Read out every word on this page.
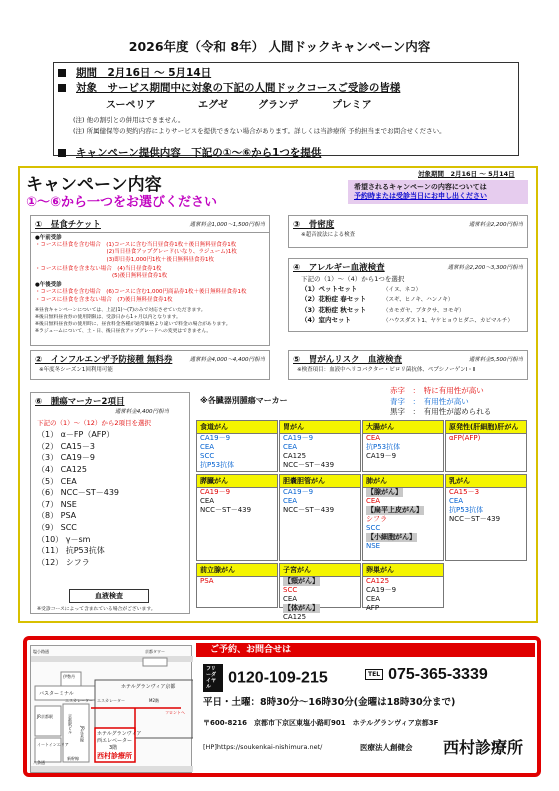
2026年度（令和 8年） 人間ドックキャンペーン内容
期間　2月16日 ～ 5月14日
対象　サービス期間中に対象の下記の人間ドックコースご受診の皆様
スーペリア	エグゼ	グランデ	プレミア
(注) 他の割引との併用はできません。
(注) 所属健保等の契約内容によりサービスを提供できない場合があります。詳しくは当診療所 予約担当までお問合せください。
キャンペーン提供内容　下記の①～⑥から1つを提供
キャンペーン内容
①～⑥から一つをお選びください
対象期間　2月16日 ～ 5月14日
希望されるキャンペーンの内容については
予約時または受診当日にお申し出ください
①　昼食チケット	通常料金1,000～1,500円相当
●午前受診
・コースに昼食を含む場合　(1)コースに含む当日昼食券1枚＋後日無料昼食券1枚
　　　　　　　　　　　　　(2)当日昼食アップグレード(いなり、ラジューム)1枚
　　　　　　　　　　　　　(3)即日券1,000円1枚＋後日無料昼食券1枚
・コースに昼食を含まない場合　(4)当日昼食券1枚
　　　　　　　　　　　　　　(5)後日無料昼食券1枚
●午後受診
・コースに昼食を含む場合　(6)コースに含む1,000円商品券1枚＋後日無料昼食券1枚
・コースに昼食を含まない場合　(7)後日無料昼食券1枚
※昼食キャンペーンについては、上記(1)～(7)のみで対応させていただきます。
※後日無料昼食券の使用期限は、受診日から1ヶ月以内となります。
※後日無料昼食券の使用時に、昼食料金各種が通常価格より違いで料金の場合があります。
※ラジュームについて、土・日、後日昼食アップグレードへの変更はできません。
③　骨密度	通常料金2,200円相当
※超音波法による検査
④　アレルギー血液検査	通常料金2,200～3,300円相当
下記の（1）～（4）から1つを選択
（1）ペットセット	（イヌ、ネコ）
（2）花粉症 春セット	（スギ、ヒノキ、ハンノキ）
（3）花粉症 秋セット	（カモガヤ、ブタクサ、ヨモギ）
（4）室内セット	（ハウスダスト1、ヤケヒョウヒダニ、カビマルチ）
②　インフルエンザ予防接種 無料券	通常料金4,000～4,400円相当
※年度冬シーズン1回利用可能
⑤　胃がんリスク　血液検査	通常料金5,500円相当
※検査項目：血液中ヘリコバクター・ピロリ菌抗体、ペプシノーゲンⅠ・Ⅱ
⑥　腫瘍マーカー2項目
通常料金4,400円相当
下記の（1）～（12）から2項目を選択
（1） α－FP（AFP）
（2） CA15－3
（3） CA19－9
（4） CA125
（5） CEA
（6） NCC－ST－439
（7） NSE
（8） PSA
（9） SCC
（10） γ－sm
（11） 抗P53抗体
（12） シフラ
血液検査
※受診コースによって含まれている場合がございます。
※各臓器別腫瘍マーカー
赤字　：　特に有用性が高い
青字　：　有用性が高い
黒字　：　有用性が認められる
食道がん
CA19－9
CEA
SCC
抗P53抗体
胃がん
CA19－9
CEA
CA125
NCC－ST－439
大腸がん
CEA
抗P53抗体
CA19－9
原発性(肝細胞)肝がん
αFP(AFP)
膵臓がん
CA19－9
CEA
NCC－ST－439
胆嚢胆管がん
CA19－9
CEA
NCC－ST－439
肺がん
【腺がん】
CEA
【扁平上皮がん】
シフラ
SCC
【小細胞がん】
NSE
乳がん
CA15－3
CEA
抗P53抗体
NCC－ST－439
前立腺がん
PSA
子宮がん
【頸がん】
SCC
CEA
【体がん】
CA125
卵巣がん
CA125
CA19－9
CEA
AFP
ご予約、お問合せは
塩小路通	京都タワー
バスターミナル
JR京都駅
伊勢丹
エスカレーター
ホテルグランヴィア京都
エスカレーター	M2階
フロントへ
ホテルグランヴィア
西エレベーター
3階
西村診療所
京都駅ビル
イートインエリア
JR在来線
新幹線
八条通
フリーダイヤル 0120-109-215	TEL 075-365-3339
平日・土曜：8時30分～16時30分(金曜は18時30分まで)
〒600-8216　京都市下京区東塩小路町901　ホテルグランヴィア京都3F
[HP]https://soukenkai-nishimura.net/	医療法人創健会 西村診療所
